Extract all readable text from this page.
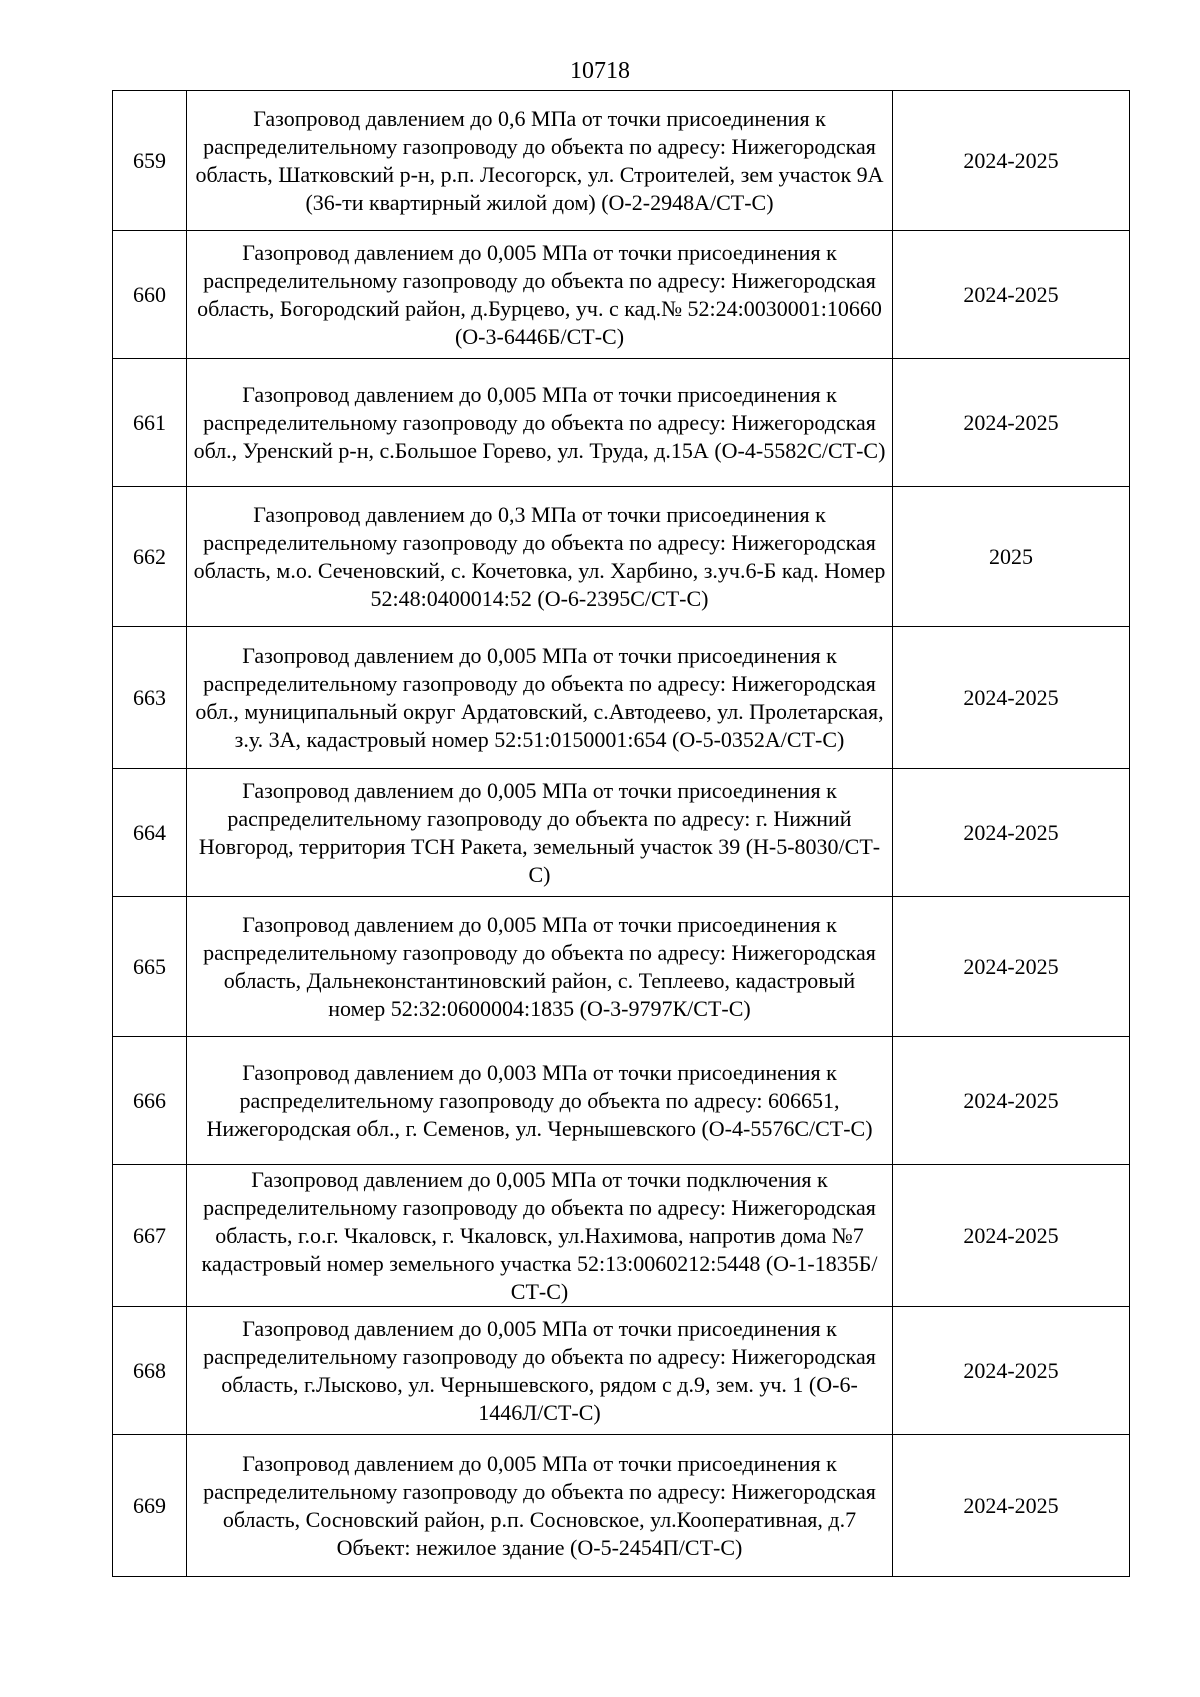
10718
659	Газопровод давлением до 0,6 МПа от точки присоединения к распределительному газопроводу до объекта по адресу: Нижегородская область, Шатковский р-н, р.п. Лесогорск, ул. Строителей, зем участок 9А (36-ти квартирный жилой дом) (О-2-2948А/СТ-С)	2024-2025
660	Газопровод давлением до 0,005 МПа от точки присоединения к распределительному газопроводу до объекта по адресу: Нижегородская область, Богородский район, д.Бурцево, уч. с кад.№ 52:24:0030001:10660 (О-3-6446Б/СТ-С)	2024-2025
661	Газопровод давлением до 0,005 МПа от точки присоединения к распределительному газопроводу до объекта по адресу: Нижегородская обл., Уренский р-н, с.Большое Горево, ул. Труда, д.15А (О-4-5582С/СТ-С)	2024-2025
662	Газопровод давлением до 0,3 МПа от точки присоединения к распределительному газопроводу до объекта по адресу: Нижегородская область, м.о. Сеченовский, с. Кочетовка, ул. Харбино, з.уч.6-Б кад. Номер 52:48:0400014:52 (О-6-2395С/СТ-С)	2025
663	Газопровод давлением до 0,005 МПа от точки присоединения к распределительному газопроводу до объекта по адресу: Нижегородская обл., муниципальный округ Ардатовский, с.Автодеево, ул. Пролетарская, з.у. 3А, кадастровый номер 52:51:0150001:654 (О-5-0352А/СТ-С)	2024-2025
664	Газопровод давлением до 0,005 МПа от точки присоединения к распределительному газопроводу до объекта по адресу: г. Нижний Новгород, территория ТСН Ракета, земельный участок 39 (Н-5-8030/СТ-С)	2024-2025
665	Газопровод давлением до 0,005 МПа от точки присоединения к распределительному газопроводу до объекта по адресу: Нижегородская область, Дальнеконстантиновский район, с. Теплеево, кадастровый номер 52:32:0600004:1835 (О-3-9797К/СТ-С)	2024-2025
666	Газопровод давлением до 0,003 МПа от точки присоединения к распределительному газопроводу до объекта по адресу: 606651, Нижегородская обл., г. Семенов, ул. Чернышевского (О-4-5576С/СТ-С)	2024-2025
667	Газопровод давлением до 0,005 МПа от точки подключения к распределительному газопроводу до объекта по адресу: Нижегородская область, г.о.г. Чкаловск, г. Чкаловск, ул.Нахимова, напротив дома №7 кадастровый номер земельного участка 52:13:0060212:5448 (О-1-1835Б/СТ-С)	2024-2025
668	Газопровод давлением до 0,005 МПа от точки присоединения к распределительному газопроводу до объекта по адресу: Нижегородская область, г.Лысково, ул. Чернышевского, рядом с д.9, зем. уч. 1 (О-6-1446Л/СТ-С)	2024-2025
669	Газопровод давлением до 0,005 МПа от точки присоединения к распределительному газопроводу до объекта по адресу: Нижегородская область, Сосновский район, р.п. Сосновское, ул.Кооперативная, д.7 Объект: нежилое здание (О-5-2454П/СТ-С)	2024-2025
